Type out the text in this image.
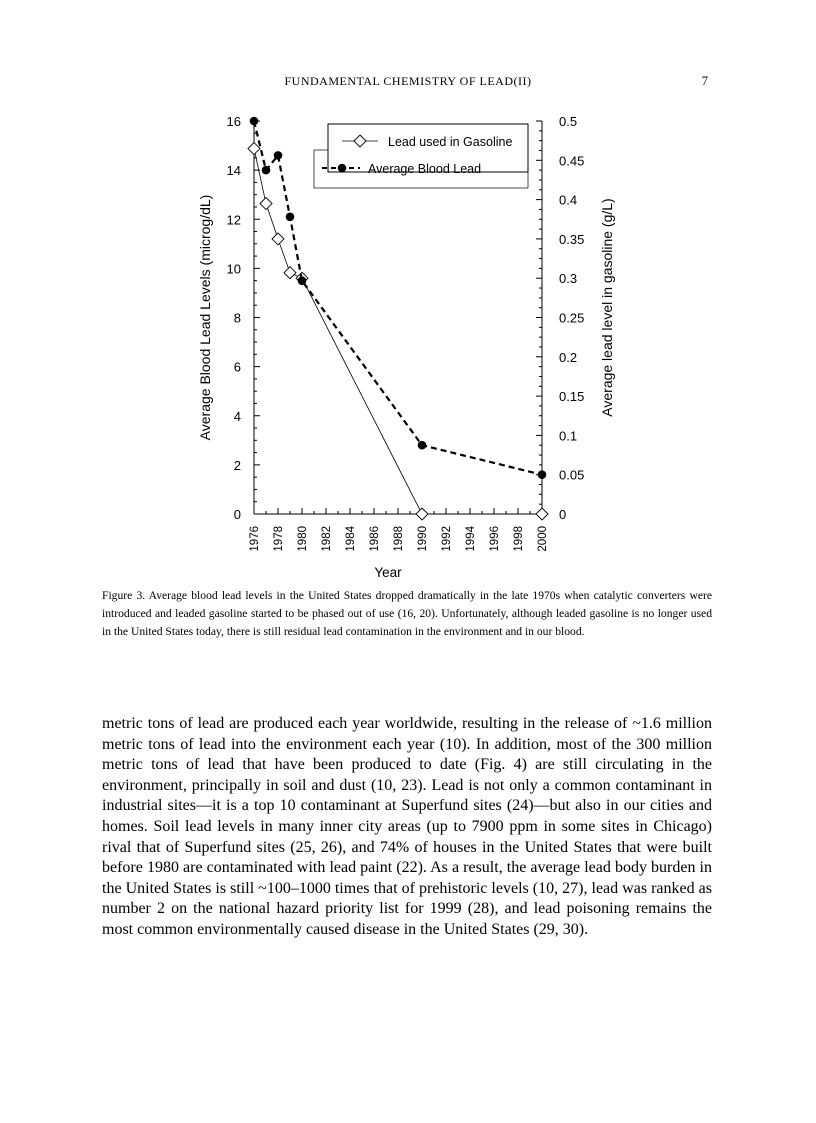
FUNDAMENTAL CHEMISTRY OF LEAD(II)	7
0
2
4
6
8
10
12
14
16
0
0.05
0.1
0.15
0.2
0.25
0.3
0.35
0.4
0.45
0.5
1976 1978 1980 1982 1984 1986 1988 1990 1992 1994 1996 1998 2000
Year
Average Blood Lead Levels (microg/dL)	Average lead level in gasoline (g/L)
Lead used in Gasoline
Average Blood Lead
Figure 3. Average blood lead levels in the United States dropped dramatically in the late 1970s when catalytic converters were introduced and leaded gasoline started to be phased out of use (16, 20). Unfortunately, although leaded gasoline is no longer used in the United States today, there is still residual lead contamination in the environment and in our blood.

metric tons of lead are produced each year worldwide, resulting in the release of ~1.6 million metric tons of lead into the environment each year (10). In addition, most of the 300 million metric tons of lead that have been produced to date (Fig. 4) are still circulating in the environment, principally in soil and dust (10, 23). Lead is not only a common contaminant in industrial sites—it is a top 10 contaminant at Superfund sites (24)—but also in our cities and homes. Soil lead levels in many inner city areas (up to 7900 ppm in some sites in Chicago) rival that of Superfund sites (25, 26), and 74% of houses in the United States that were built before 1980 are contaminated with lead paint (22). As a result, the average lead body burden in the United States is still ~100–1000 times that of prehistoric levels (10, 27), lead was ranked as number 2 on the national hazard priority list for 1999 (28), and lead poisoning remains the most common environmentally caused disease in the United States (29, 30).
